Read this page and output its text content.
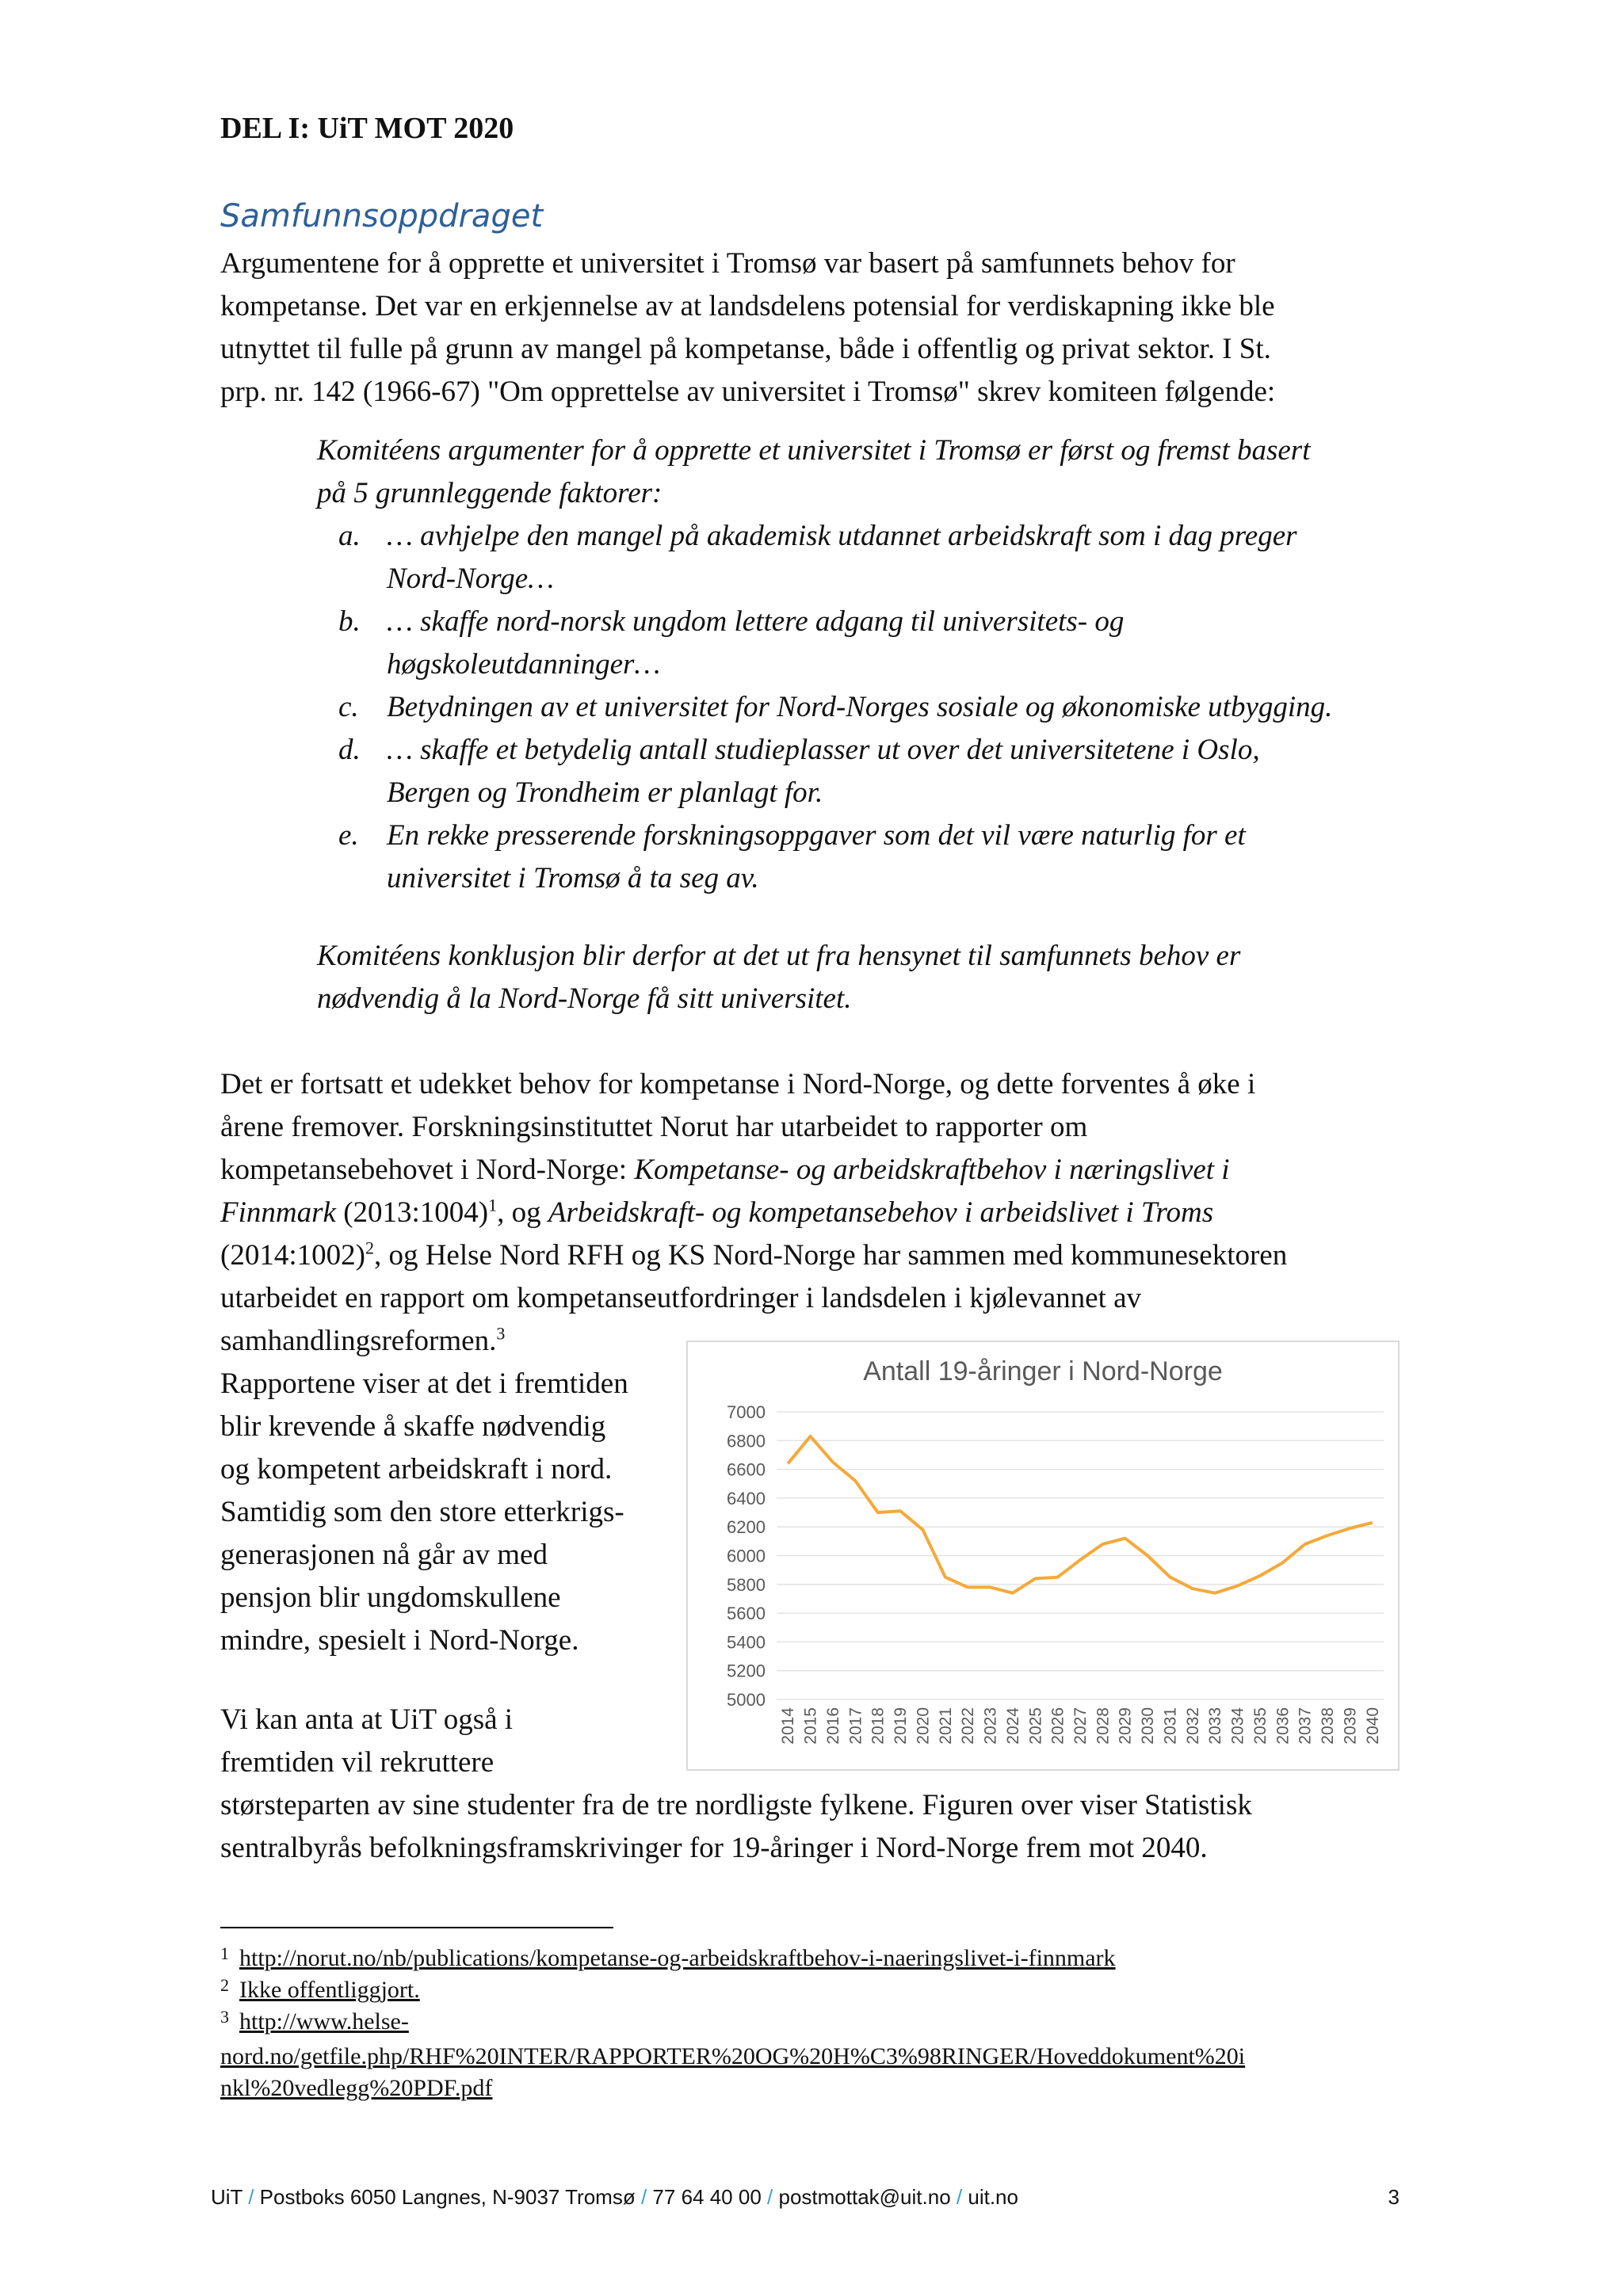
DEL I: UiT MOT 2020
Samfunnsoppdraget
Argumentene for å opprette et universitet i Tromsø var basert på samfunnets behov for
kompetanse. Det var en erkjennelse av at landsdelens potensial for verdiskapning ikke ble
utnyttet til fulle på grunn av mangel på kompetanse, både i offentlig og privat sektor. I St.
prp. nr. 142 (1966-67) "Om opprettelse av universitet i Tromsø" skrev komiteen følgende:
Komitéens argumenter for å opprette et universitet i Tromsø er først og fremst basert
på 5 grunnleggende faktorer:
a. … avhjelpe den mangel på akademisk utdannet arbeidskraft som i dag preger
Nord-Norge…
b. … skaffe nord-norsk ungdom lettere adgang til universitets- og
høgskoleutdanninger…
c. Betydningen av et universitet for Nord-Norges sosiale og økonomiske utbygging.
d. … skaffe et betydelig antall studieplasser ut over det universitetene i Oslo,
Bergen og Trondheim er planlagt for.
e. En rekke presserende forskningsoppgaver som det vil være naturlig for et
universitet i Tromsø å ta seg av.
Komitéens konklusjon blir derfor at det ut fra hensynet til samfunnets behov er
nødvendig å la Nord-Norge få sitt universitet.
Det er fortsatt et udekket behov for kompetanse i Nord-Norge, og dette forventes å øke i
årene fremover. Forskningsinstituttet Norut har utarbeidet to rapporter om
kompetansebehovet i Nord-Norge: Kompetanse- og arbeidskraftbehov i næringslivet i
Finnmark (2013:1004)$^1$, og Arbeidskraft- og kompetansebehov i arbeidslivet i Troms
(2014:1002)$^2$, og Helse Nord RFH og KS Nord-Norge har sammen med kommunesektoren
utarbeidet en rapport om kompetanseutfordringer i landsdelen i kjølevannet av
samhandlingsreformen.$^3$
Rapportene viser at det i fremtiden
blir krevende å skaffe nødvendig
og kompetent arbeidskraft i nord.
Samtidig som den store etterkrigs-
generasjonen nå går av med
pensjon blir ungdomskullene
mindre, spesielt i Nord-Norge.
Vi kan anta at UiT også i
fremtiden vil rekruttere
størsteparten av sine studenter fra de tre nordligste fylkene. Figuren over viser Statistisk
sentralbyrås befolkningsframskrivinger for 19-åringer i Nord-Norge frem mot 2040.
Antall 19-åringer i Nord-Norge
5000
5200
5400
5600
5800
6000
6200
6400
6600
6800
7000
2014 2015 2016 2017 2018 2019 2020 2021 2022 2023 2024 2025 2026 2027 2028 2029 2030 2031 2032 2033 2034 2035 2036 2037 2038 2039 2040
1 http://norut.no/nb/publications/kompetanse-og-arbeidskraftbehov-i-naeringslivet-i-finnmark
2 Ikke offentliggjort.
3 http://www.helse-
nord.no/getfile.php/RHF%20INTER/RAPPORTER%20OG%20H%C3%98RINGER/Hoveddokument%20i
nkl%20vedlegg%20PDF.pdf
UiT / Postboks 6050 Langnes, N-9037 Tromsø / 77 64 40 00 / postmottak@uit.no / uit.no	3
